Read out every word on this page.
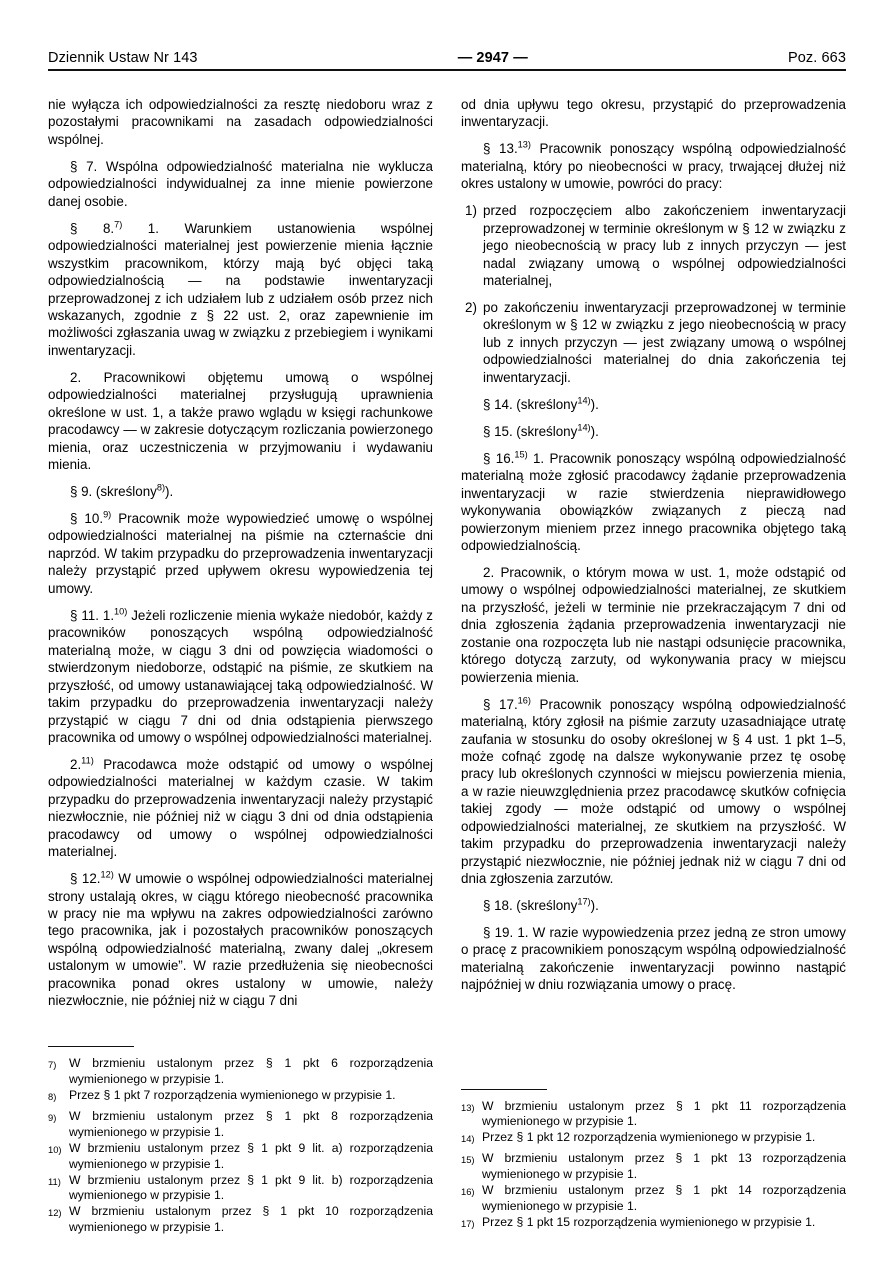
Dziennik Ustaw Nr 143	— 2947 —	Poz. 663

nie wyłącza ich odpowiedzialności za resztę niedoboru wraz z pozostałymi pracownikami na zasadach odpowiedzialności wspólnej.

§ 7. Wspólna odpowiedzialność materialna nie wyklucza odpowiedzialności indywidualnej za inne mienie powierzone danej osobie.

§ 8.$^{7)}$ 1. Warunkiem ustanowienia wspólnej odpowiedzialności materialnej jest powierzenie mienia łącznie wszystkim pracownikom, którzy mają być objęci taką odpowiedzialnością — na podstawie inwentaryzacji przeprowadzonej z ich udziałem lub z udziałem osób przez nich wskazanych, zgodnie z § 22 ust. 2, oraz zapewnienie im możliwości zgłaszania uwag w związku z przebiegiem i wynikami inwentaryzacji.

2. Pracownikowi objętemu umową o wspólnej odpowiedzialności materialnej przysługują uprawnienia określone w ust. 1, a także prawo wglądu w księgi rachunkowe pracodawcy — w zakresie dotyczącym rozliczania powierzonego mienia, oraz uczestniczenia w przyjmowaniu i wydawaniu mienia.

§ 9. (skreślony$^{8)}$).

§ 10.$^{9)}$ Pracownik może wypowiedzieć umowę o wspólnej odpowiedzialności materialnej na piśmie na czternaście dni naprzód. W takim przypadku do przeprowadzenia inwentaryzacji należy przystąpić przed upływem okresu wypowiedzenia tej umowy.

§ 11. 1.$^{10)}$ Jeżeli rozliczenie mienia wykaże niedobór, każdy z pracowników ponoszących wspólną odpowiedzialność materialną może, w ciągu 3 dni od powzięcia wiadomości o stwierdzonym niedoborze, odstąpić na piśmie, ze skutkiem na przyszłość, od umowy ustanawiającej taką odpowiedzialność. W takim przypadku do przeprowadzenia inwentaryzacji należy przystąpić w ciągu 7 dni od dnia odstąpienia pierwszego pracownika od umowy o wspólnej odpowiedzialności materialnej.

2.$^{11)}$ Pracodawca może odstąpić od umowy o wspólnej odpowiedzialności materialnej w każdym czasie. W takim przypadku do przeprowadzenia inwentaryzacji należy przystąpić niezwłocznie, nie później niż w ciągu 3 dni od dnia odstąpienia pracodawcy od umowy o wspólnej odpowiedzialności materialnej.

§ 12.$^{12)}$ W umowie o wspólnej odpowiedzialności materialnej strony ustalają okres, w ciągu którego nieobecność pracownika w pracy nie ma wpływu na zakres odpowiedzialności zarówno tego pracownika, jak i pozostałych pracowników ponoszących wspólną odpowiedzialność materialną, zwany dalej „okresem ustalonym w umowie”. W razie przedłużenia się nieobecności pracownika ponad okres ustalony w umowie, należy niezwłocznie, nie później niż w ciągu 7 dni

7)	W brzmieniu ustalonym przez § 1 pkt 6 rozporządzenia wymienionego w przypisie 1.
8)	Przez § 1 pkt 7 rozporządzenia wymienionego w przypisie 1.
9)	W brzmieniu ustalonym przez § 1 pkt 8 rozporządzenia wymienionego w przypisie 1.
10) W brzmieniu ustalonym przez § 1 pkt 9 lit. a) rozporządzenia wymienionego w przypisie 1.
11) W brzmieniu ustalonym przez § 1 pkt 9 lit. b) rozporządzenia wymienionego w przypisie 1.
12) W brzmieniu ustalonym przez § 1 pkt 10 rozporządzenia wymienionego w przypisie 1.

od dnia upływu tego okresu, przystąpić do przeprowadzenia inwentaryzacji.

§ 13.$^{13)}$ Pracownik ponoszący wspólną odpowiedzialność materialną, który po nieobecności w pracy, trwającej dłużej niż okres ustalony w umowie, powróci do pracy:

1) przed rozpoczęciem albo zakończeniem inwentaryzacji przeprowadzonej w terminie określonym w § 12 w związku z jego nieobecnością w pracy lub z innych przyczyn — jest nadal związany umową o wspólnej odpowiedzialności materialnej,
2) po zakończeniu inwentaryzacji przeprowadzonej w terminie określonym w § 12 w związku z jego nieobecnością w pracy lub z innych przyczyn — jest związany umową o wspólnej odpowiedzialności materialnej do dnia zakończenia tej inwentaryzacji.

§ 14. (skreślony$^{14)}$).

§ 15. (skreślony$^{14)}$).

§ 16.$^{15)}$ 1. Pracownik ponoszący wspólną odpowiedzialność materialną może zgłosić pracodawcy żądanie przeprowadzenia inwentaryzacji w razie stwierdzenia nieprawidłowego wykonywania obowiązków związanych z pieczą nad powierzonym mieniem przez innego pracownika objętego taką odpowiedzialnością.

2. Pracownik, o którym mowa w ust. 1, może odstąpić od umowy o wspólnej odpowiedzialności materialnej, ze skutkiem na przyszłość, jeżeli w terminie nie przekraczającym 7 dni od dnia zgłoszenia żądania przeprowadzenia inwentaryzacji nie zostanie ona rozpoczęta lub nie nastąpi odsunięcie pracownika, którego dotyczą zarzuty, od wykonywania pracy w miejscu powierzenia mienia.

§ 17.$^{16)}$ Pracownik ponoszący wspólną odpowiedzialność materialną, który zgłosił na piśmie zarzuty uzasadniające utratę zaufania w stosunku do osoby określonej w § 4 ust. 1 pkt 1–5, może cofnąć zgodę na dalsze wykonywanie przez tę osobę pracy lub określonych czynności w miejscu powierzenia mienia, a w razie nieuwzględnienia przez pracodawcę skutków cofnięcia takiej zgody — może odstąpić od umowy o wspólnej odpowiedzialności materialnej, ze skutkiem na przyszłość. W takim przypadku do przeprowadzenia inwentaryzacji należy przystąpić niezwłocznie, nie później jednak niż w ciągu 7 dni od dnia zgłoszenia zarzutów.

§ 18. (skreślony$^{17)}$).

§ 19. 1. W razie wypowiedzenia przez jedną ze stron umowy o pracę z pracownikiem ponoszącym wspólną odpowiedzialność materialną zakończenie inwentaryzacji powinno nastąpić najpóźniej w dniu rozwiązania umowy o pracę.

13) W brzmieniu ustalonym przez § 1 pkt 11 rozporządzenia wymienionego w przypisie 1.
14) Przez § 1 pkt 12 rozporządzenia wymienionego w przypisie 1.
15) W brzmieniu ustalonym przez § 1 pkt 13 rozporządzenia wymienionego w przypisie 1.
16) W brzmieniu ustalonym przez § 1 pkt 14 rozporządzenia wymienionego w przypisie 1.
17) Przez § 1 pkt 15 rozporządzenia wymienionego w przypisie 1.
